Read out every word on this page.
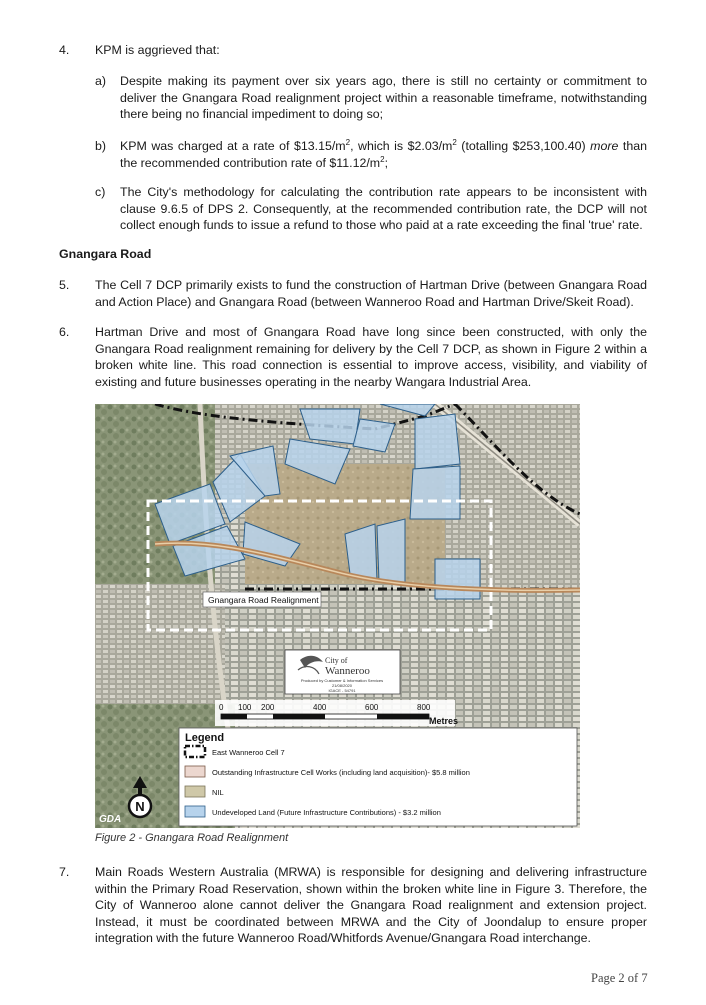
4. KPM is aggrieved that:
a) Despite making its payment over six years ago, there is still no certainty or commitment to deliver the Gnangara Road realignment project within a reasonable timeframe, notwithstanding there being no financial impediment to doing so;
b) KPM was charged at a rate of $\$13.15/m^2$, which is $\$2.03/m^2$ (totalling $253,100.40) more than the recommended contribution rate of $\$11.12/m^2$;
c) The City's methodology for calculating the contribution rate appears to be inconsistent with clause 9.6.5 of DPS 2. Consequently, at the recommended contribution rate, the DCP will not collect enough funds to issue a refund to those who paid at a rate exceeding the final 'true' rate.
Gnangara Road
5. The Cell 7 DCP primarily exists to fund the construction of Hartman Drive (between Gnangara Road and Action Place) and Gnangara Road (between Wanneroo Road and Hartman Drive/Skeit Road).
6. Hartman Drive and most of Gnangara Road have long since been constructed, with only the Gnangara Road realignment remaining for delivery by the Cell 7 DCP, as shown in Figure 2 within a broken white line. This road connection is essential to improve access, visibility, and viability of existing and future businesses operating in the nearby Wangara Industrial Area.
Gnangara Road Realignment
City of
Wanneroo
Produced by Customer & Information Services
21/08/2020
IGACE - 54791
0 100 200	400	600	800
Metres
Legend
East Wanneroo Cell 7
Outstanding Infrastructure Cell Works (including land acquisition)- $5.8 million
NIL
Undeveloped Land (Future Infrastructure Contributions) - $3.2 million
N
GDA
Figure 2 - Gnangara Road Realignment
7. Main Roads Western Australia (MRWA) is responsible for designing and delivering infrastructure within the Primary Road Reservation, shown within the broken white line in Figure 3. Therefore, the City of Wanneroo alone cannot deliver the Gnangara Road realignment and extension project. Instead, it must be coordinated between MRWA and the City of Joondalup to ensure proper integration with the future Wanneroo Road/Whitfords Avenue/Gnangara Road interchange.
Page 2 of 7
